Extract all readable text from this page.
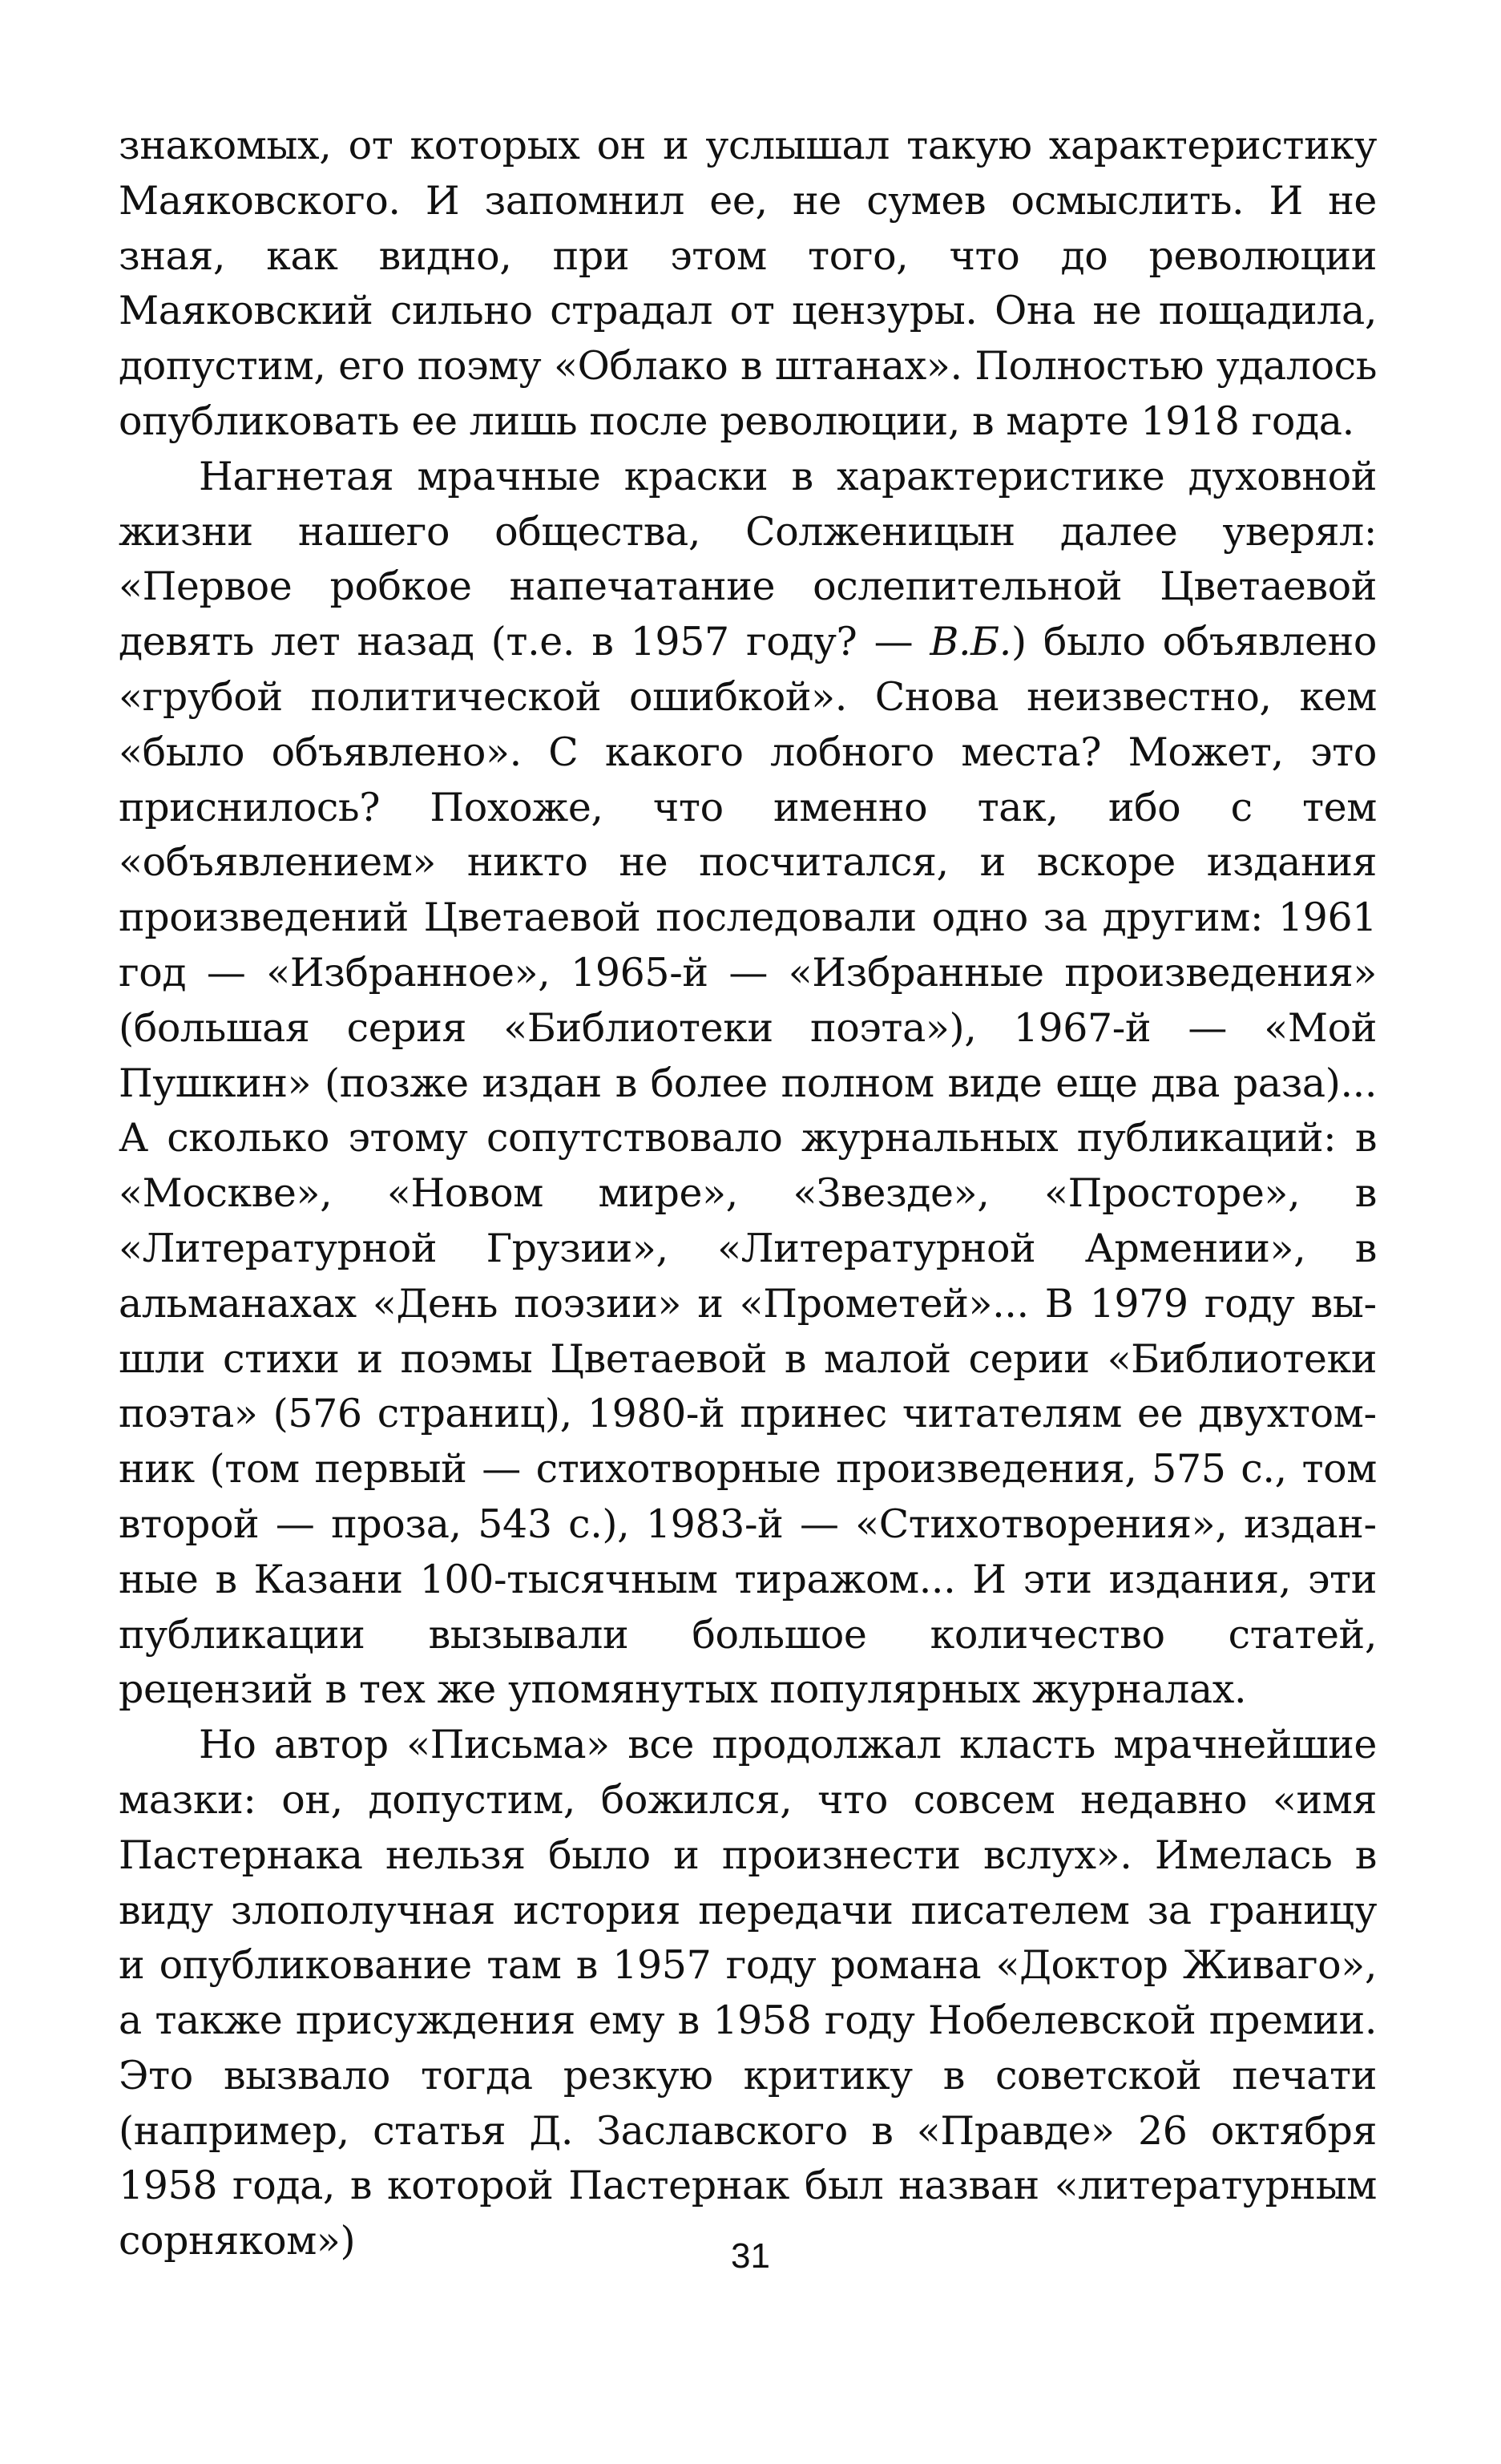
знакомых, от которых он и услышал такую характеристику Маяковского. И запомнил ее, не сумев осмыслить. И не зная, как видно, при этом того, что до революции Маяковский сильно страдал от цензуры. Она не пощадила, допустим, его поэму «Облако в штанах». Полностью удалось опубликовать ее лишь после революции, в марте 1918 года.

Нагнетая мрачные краски в характеристике духовной жизни нашего общества, Солженицын далее уверял: «Первое робкое напечатание ослепительной Цветаевой девять лет назад (т.е. в 1957 году? — В.Б.) было объявлено «грубой политической ошибкой». Снова неизвестно, кем «было объявлено». С какого лобного места? Может, это приснилось? Похоже, что именно так, ибо с тем «объявлением» никто не посчитался, и вскоре издания произведений Цветаевой последовали одно за другим: 1961 год — «Избранное», 1965-й — «Избранные произведения» (большая серия «Библиотеки поэта»), 1967-й — «Мой Пушкин» (позже издан в более полном виде еще два раза)... А сколько этому сопутствовало журнальных публикаций: в «Москве», «Новом мире», «Звезде», «Просторе», в «Литературной Грузии», «Литературной Армении», в альманахах «День поэзии» и «Прометей»... В 1979 году вышли стихи и поэмы Цветаевой в малой серии «Библиотеки поэта» (576 страниц), 1980-й принес читателям ее двухтомник (том первый — стихотворные произведения, 575 с., том второй — проза, 543 с.), 1983-й — «Стихотворения», изданные в Казани 100-тысячным тиражом... И эти издания, эти публикации вызывали большое количество статей, рецензий в тех же упомянутых популярных журналах.

Но автор «Письма» все продолжал класть мрачнейшие мазки: он, допустим, божился, что совсем недавно «имя Пастернака нельзя было и произнести вслух». Имелась в виду злополучная история передачи писателем за границу и опубликование там в 1957 году романа «Доктор Живаго», а также присуждения ему в 1958 году Нобелевской премии. Это вызвало тогда резкую критику в советской печати (например, статья Д. Заславского в «Правде» 26 октября 1958 года, в которой Пастернак был назван «литературным сорняком»)	31
